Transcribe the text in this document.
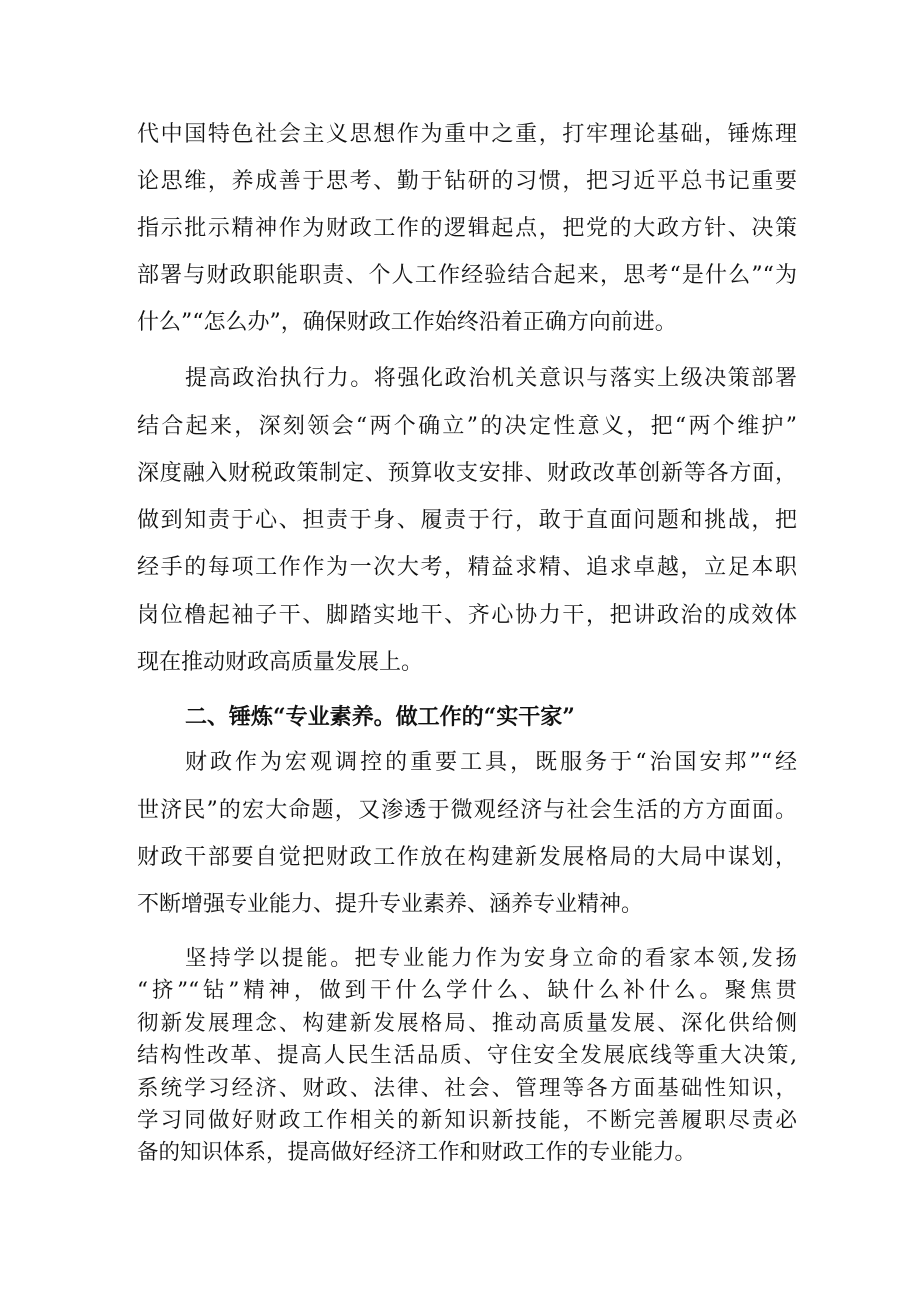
代中国特色社会主义思想作为重中之重，打牢理论基础，锤炼理
论思维，养成善于思考、勤于钻研的习惯，把习近平总书记重要
指示批示精神作为财政工作的逻辑起点，把党的大政方针、决策
部署与财政职能职责、个人工作经验结合起来，思考“是什么”“为
什么”“怎么办”，确保财政工作始终沿着正确方向前进。
提高政治执行力。将强化政治机关意识与落实上级决策部署
结合起来，深刻领会“两个确立”的决定性意义，把“两个维护”
深度融入财税政策制定、预算收支安排、财政改革创新等各方面，
做到知责于心、担责于身、履责于行，敢于直面问题和挑战，把
经手的每项工作作为一次大考，精益求精、追求卓越，立足本职
岗位橹起袖子干、脚踏实地干、齐心协力干，把讲政治的成效体
现在推动财政高质量发展上。
二、锤炼“专业素养。做工作的“实干家”
财政作为宏观调控的重要工具，既服务于“治国安邦”“经
世济民”的宏大命题，又渗透于微观经济与社会生活的方方面面。
财政干部要自觉把财政工作放在构建新发展格局的大局中谋划，
不断增强专业能力、提升专业素养、涵养专业精神。
坚持学以提能。把专业能力作为安身立命的看家本领,发扬
“挤”“钻”精神，做到干什么学什么、缺什么补什么。聚焦贯
彻新发展理念、构建新发展格局、推动高质量发展、深化供给侧
结构性改革、提高人民生活品质、守住安全发展底线等重大决策,
系统学习经济、财政、法律、社会、管理等各方面基础性知识，
学习同做好财政工作相关的新知识新技能，不断完善履职尽责必
备的知识体系，提高做好经济工作和财政工作的专业能力。
